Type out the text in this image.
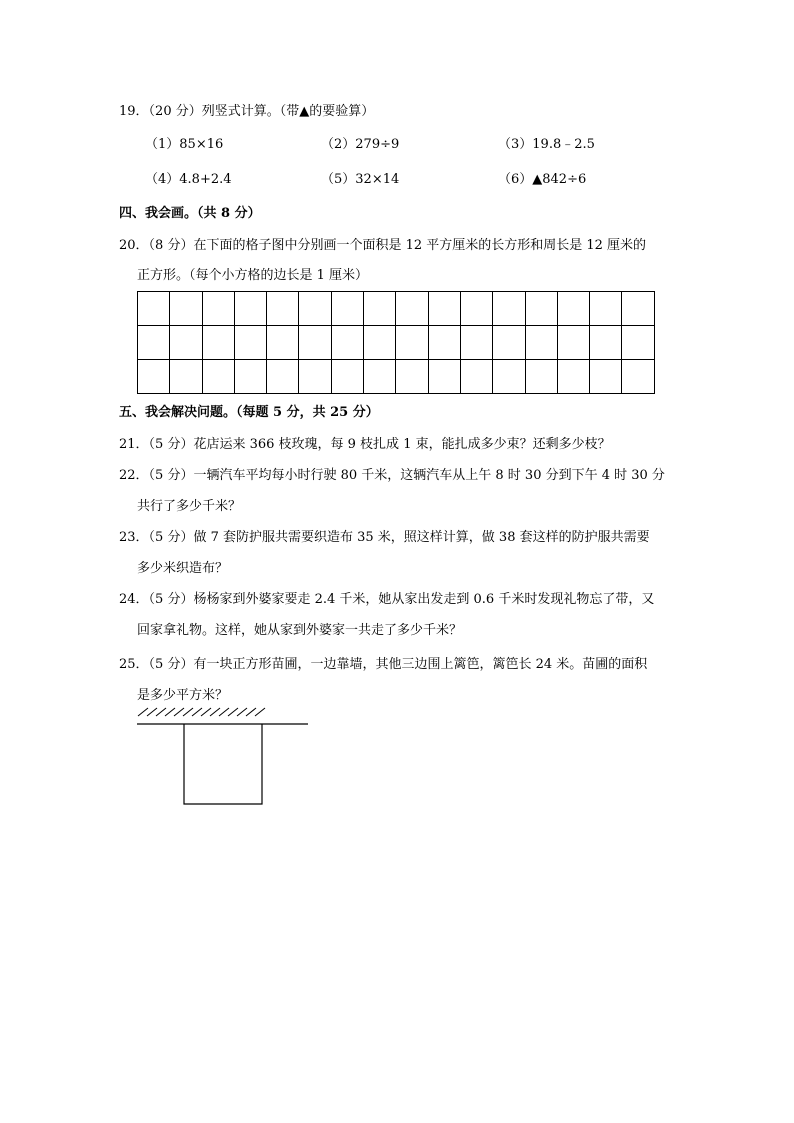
19．（20 分）列竖式计算。（带▲的要验算）
（1）85×16	（2）279÷9	（3）19.8﹣2.5
（4）4.8+2.4	（5）32×14	（6）▲842÷6
四、我会画。（共 8 分）
20．（8 分）在下面的格子图中分别画一个面积是 12 平方厘米的长方形和周长是 12 厘米的
正方形。（每个小方格的边长是 1 厘米）

五、我会解决问题。（每题 5 分，共 25 分）
21．（5 分）花店运来 366 枝玫瑰，每 9 枝扎成 1 束，能扎成多少束？还剩多少枝？
22．（5 分）一辆汽车平均每小时行驶 80 千米，这辆汽车从上午 8 时 30 分到下午 4 时 30 分
共行了多少千米？
23．（5 分）做 7 套防护服共需要织造布 35 米，照这样计算，做 38 套这样的防护服共需要
多少米织造布？
24．（5 分）杨杨家到外婆家要走 2.4 千米，她从家出发走到 0.6 千米时发现礼物忘了带，又
回家拿礼物。这样，她从家到外婆家一共走了多少千米？
25．（5 分）有一块正方形苗圃，一边靠墙，其他三边围上篱笆，篱笆长 24 米。苗圃的面积
是多少平方米？
